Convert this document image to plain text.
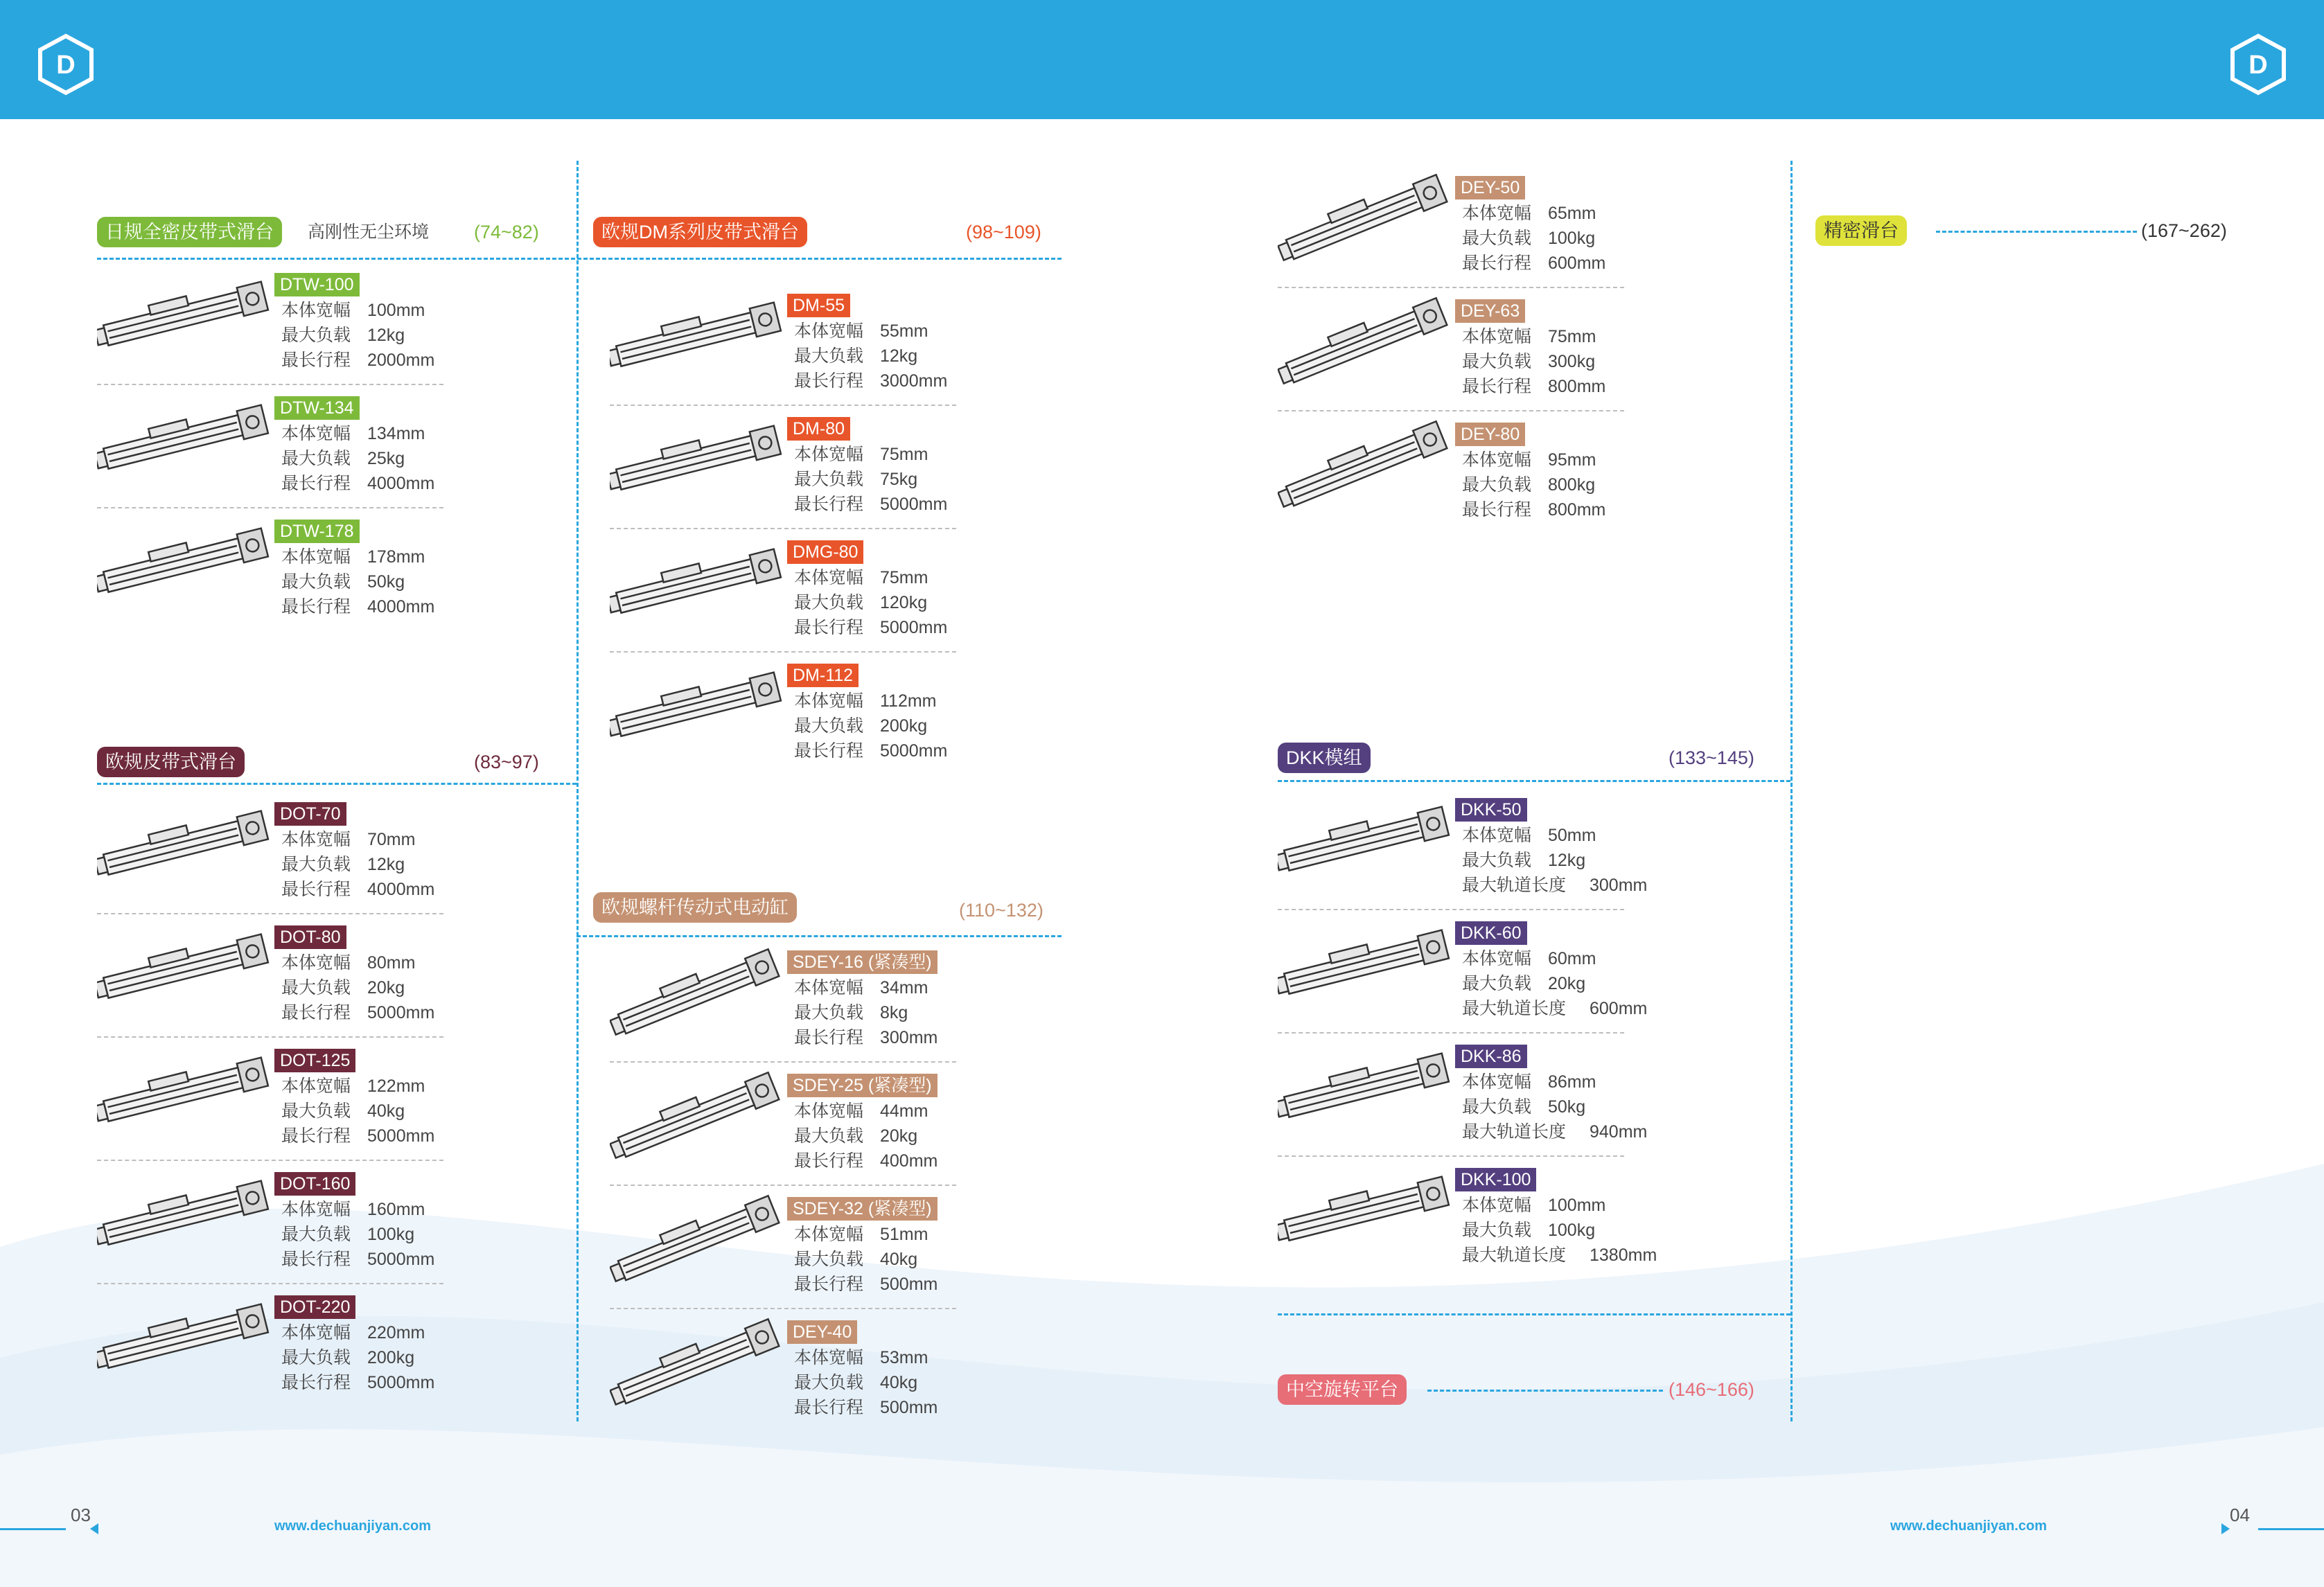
D	D
日规全密皮带式滑台	高刚性无尘环境 (74~82)
欧规皮带式滑台	(83~97)
欧规DM系列皮带式滑台	(98~109)
欧规螺杆传动式电动缸	(110~132)
DKK模组	(133~145)
中空旋转平台	(146~166)
精密滑台	(167~262)
DTW-100
本体宽幅 100mm
最大负载 12kg
最长行程 2000mm
DTW-134
本体宽幅 134mm
最大负载 25kg
最长行程 4000mm
DTW-178
本体宽幅 178mm
最大负载 50kg
最长行程 4000mm
DOT-70
本体宽幅 70mm
最大负载 12kg
最长行程 4000mm
DOT-80
本体宽幅 80mm
最大负载 20kg
最长行程 5000mm
DOT-125
本体宽幅 122mm
最大负载 40kg
最长行程 5000mm
DOT-160
本体宽幅 160mm
最大负载 100kg
最长行程 5000mm
DOT-220
本体宽幅 220mm
最大负载 200kg
最长行程 5000mm
DM-55
本体宽幅 55mm
最大负载 12kg
最长行程 3000mm
DM-80
本体宽幅 75mm
最大负载 75kg
最长行程 5000mm
DMG-80
本体宽幅 75mm
最大负载 120kg
最长行程 5000mm
DM-112
本体宽幅 112mm
最大负载 200kg
最长行程 5000mm
SDEY-16 (紧凑型)
本体宽幅 34mm
最大负载 8kg
最长行程 300mm
SDEY-25 (紧凑型)
本体宽幅 44mm
最大负载 20kg
最长行程 400mm
SDEY-32 (紧凑型)
本体宽幅 51mm
最大负载 40kg
最长行程 500mm
DEY-40
本体宽幅 53mm
最大负载 40kg
最长行程 500mm
DEY-50
本体宽幅 65mm
最大负载 100kg
最长行程 600mm
DEY-63
本体宽幅 75mm
最大负载 300kg
最长行程 800mm
DEY-80
本体宽幅 95mm
最大负载 800kg
最长行程 800mm
DKK-50
本体宽幅 50mm
最大负载 12kg
最大轨道长度 300mm
DKK-60
本体宽幅 60mm
最大负载 20kg
最大轨道长度 600mm
DKK-86
本体宽幅 86mm
最大负载 50kg
最大轨道长度 940mm
DKK-100
本体宽幅 100mm
最大负载 100kg
最大轨道长度 1380mm
03
www.dechuanjiyan.com	www.dechuanjiyan.com
04
